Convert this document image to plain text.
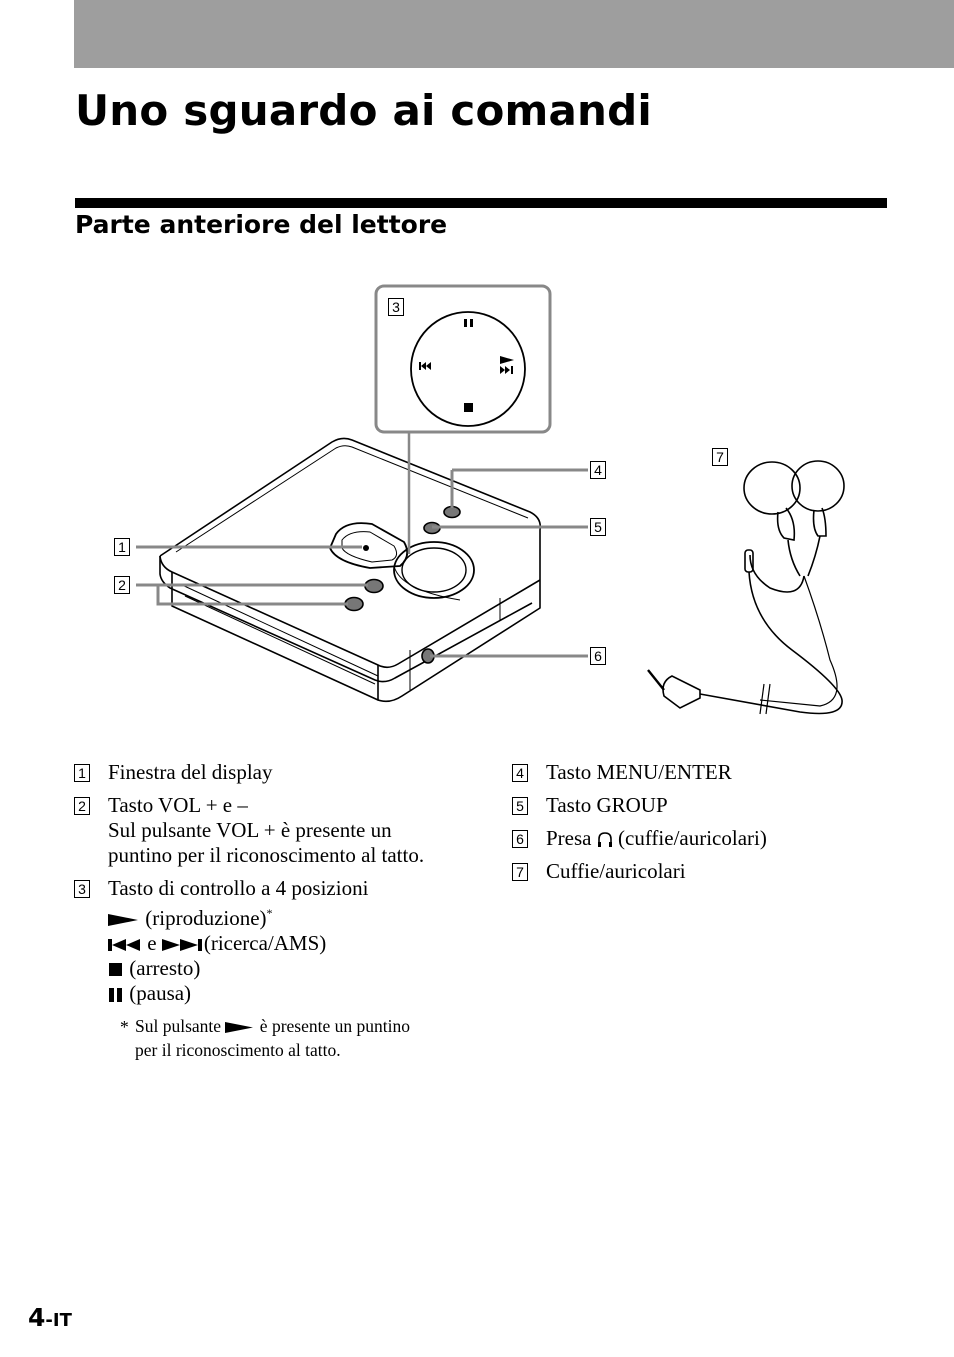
Uno sguardo ai comandi
Parte anteriore del lettore
1
2
3
4
5
6
7
1 Finestra del display
2 Tasto VOL + e –
Sul pulsante VOL + è presente un
puntino per il riconoscimento al tatto.
3 Tasto di controllo a 4 posizioni
(riproduzione)*
e (ricerca/AMS)
(arresto)
(pausa)
* Sul pulsante è presente un puntino
per il riconoscimento al tatto.
4 Tasto MENU/ENTER
5 Tasto GROUP
6 Presa (cuffie/auricolari)
7 Cuffie/auricolari
4-IT
